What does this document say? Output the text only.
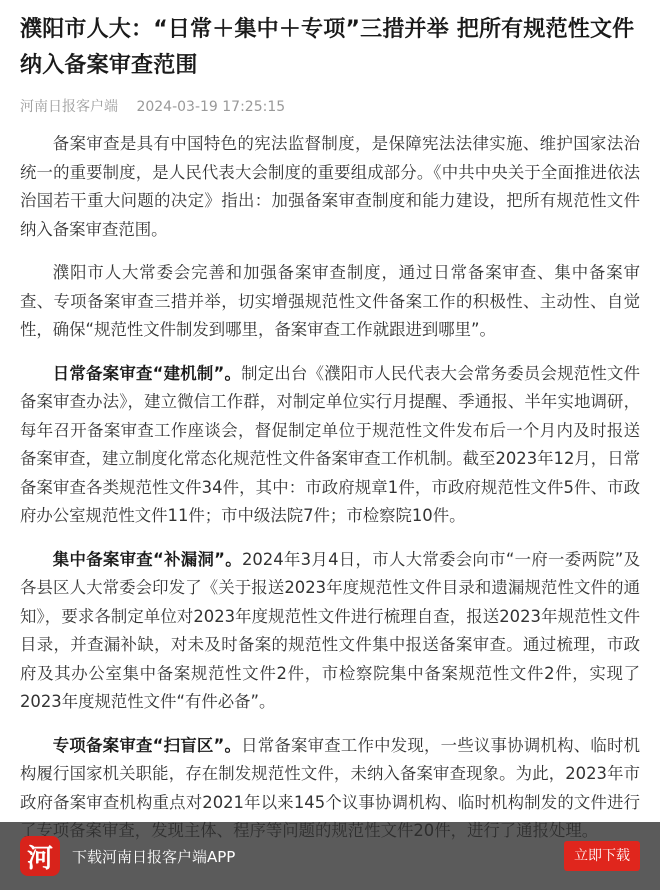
濮阳市人大：“日常＋集中＋专项”三措并举 把所有规范性文件纳入备案审查范围
河南日报客户端 2024-03-19 17:25:15

备案审查是具有中国特色的宪法监督制度，是保障宪法法律实施、维护国家法治统一的重要制度，是人民代表大会制度的重要组成部分。《中共中央关于全面推进依法治国若干重大问题的决定》指出：加强备案审查制度和能力建设，把所有规范性文件纳入备案审查范围。

濮阳市人大常委会完善和加强备案审查制度，通过日常备案审查、集中备案审查、专项备案审查三措并举，切实增强规范性文件备案工作的积极性、主动性、自觉性，确保“规范性文件制发到哪里，备案审查工作就跟进到哪里”。

日常备案审查“建机制”。制定出台《濮阳市人民代表大会常务委员会规范性文件备案审查办法》，建立微信工作群，对制定单位实行月提醒、季通报、半年实地调研，每年召开备案审查工作座谈会，督促制定单位于规范性文件发布后一个月内及时报送备案审查，建立制度化常态化规范性文件备案审查工作机制。截至2023年12月，日常备案审查各类规范性文件34件，其中：市政府规章1件，市政府规范性文件5件、市政府办公室规范性文件11件；市中级法院7件；市检察院10件。

集中备案审查“补漏洞”。2024年3月4日，市人大常委会向市“一府一委两院”及各县区人大常委会印发了《关于报送2023年度规范性文件目录和遗漏规范性文件的通知》，要求各制定单位对2023年度规范性文件进行梳理自查，报送2023年规范性文件目录，并查漏补缺，对未及时备案的规范性文件集中报送备案审查。通过梳理，市政府及其办公室集中备案规范性文件2件，市检察院集中备案规范性文件2件，实现了2023年度规范性文件“有件必备”。

专项备案审查“扫盲区”。日常备案审查工作中发现，一些议事协调机构、临时机构履行国家机关职能，存在制发规范性文件，未纳入备案审查现象。为此，2023年市政府备案审查机构重点对2021年以来145个议事协调机构、临时机构制发的文件进行

河	下载河南日报客户端APP	立即下载
